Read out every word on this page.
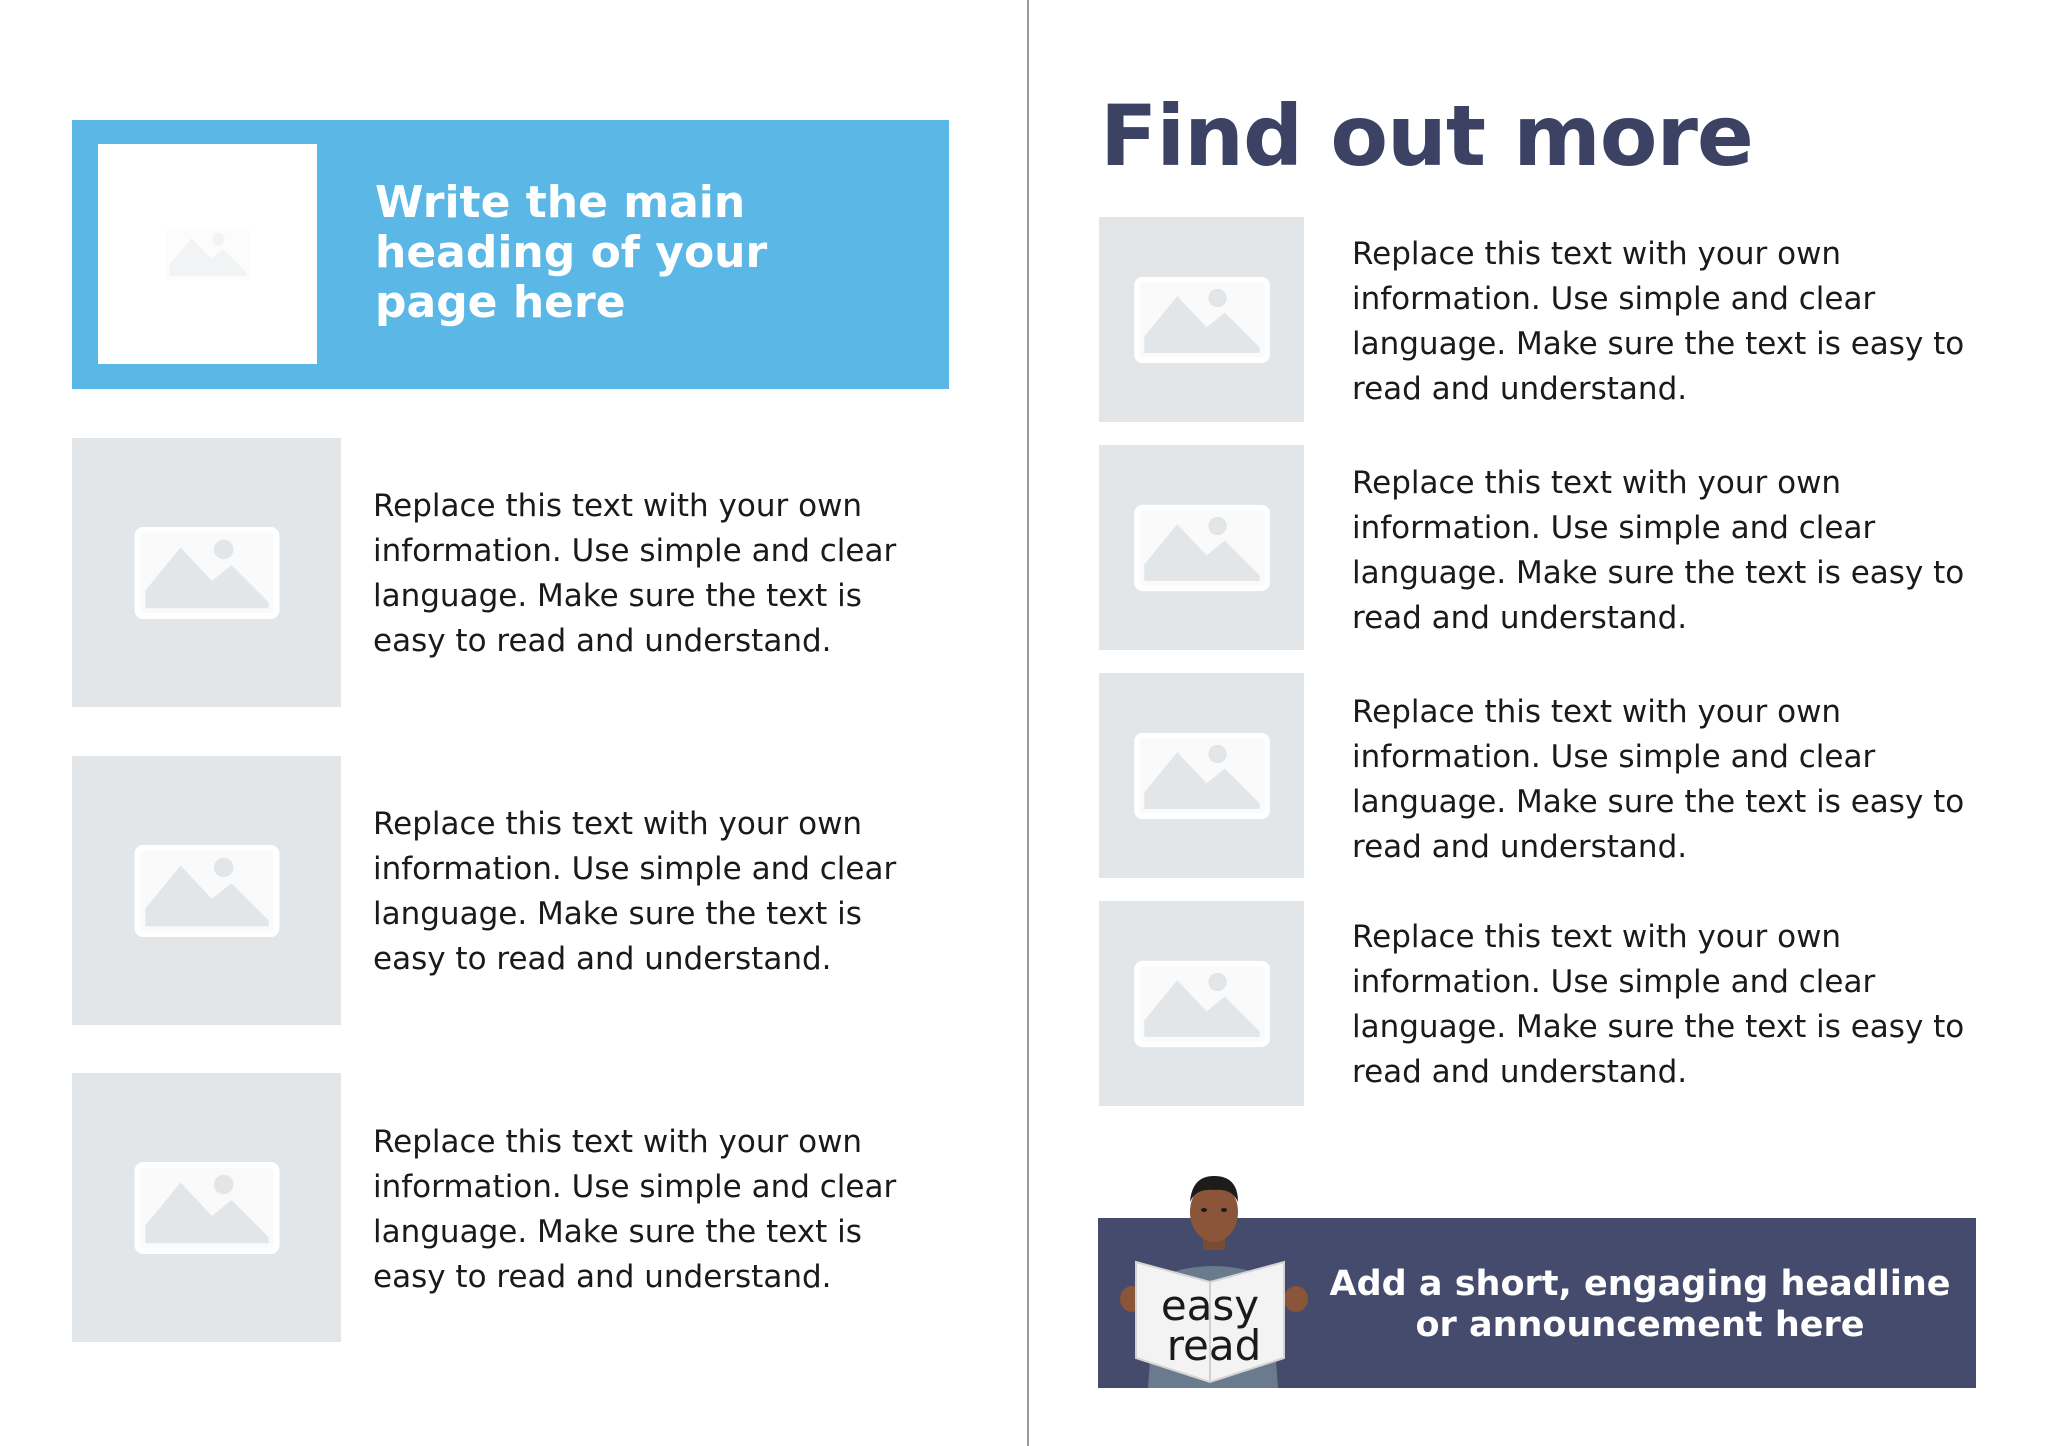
Write the main heading of your page here

Replace this text with your own information. Use simple and clear language. Make sure the text is easy to read and understand.

Replace this text with your own information. Use simple and clear language. Make sure the text is easy to read and understand.

Replace this text with your own information. Use simple and clear language. Make sure the text is easy to read and understand.

Find out more

Replace this text with your own information. Use simple and clear language. Make sure the text is easy to read and understand.

Replace this text with your own information. Use simple and clear language. Make sure the text is easy to read and understand.

Replace this text with your own information. Use simple and clear language. Make sure the text is easy to read and understand.

Replace this text with your own information. Use simple and clear language. Make sure the text is easy to read and understand.

Add a short, engaging headline or announcement here

easy
read
